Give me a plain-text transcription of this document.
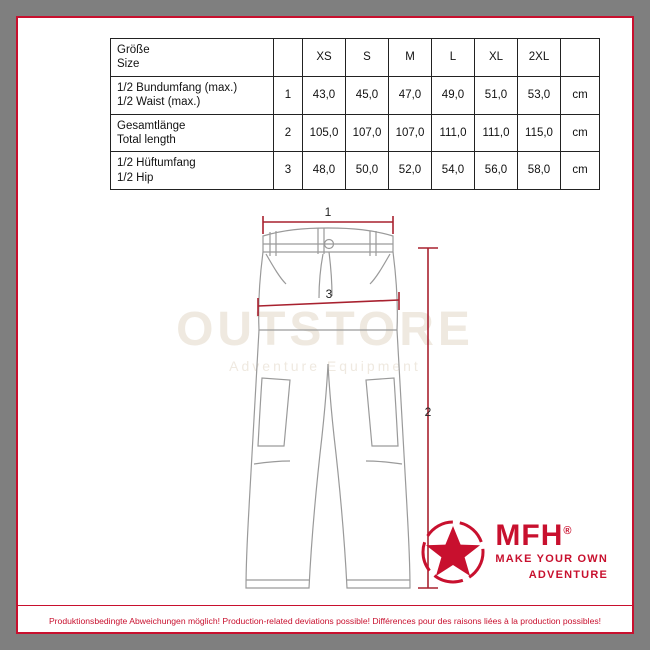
Größe
Size		XS	S	M	L	XL	2XL	
1/2 Bundumfang (max.)
1/2 Waist (max.)	1	43,0	45,0	47,0	49,0	51,0	53,0	cm
Gesamtlänge
Total length	2	105,0	107,0	107,0	111,0	111,0	115,0	cm
1/2 Hüftumfang
1/2 Hip	3	48,0	50,0	52,0	54,0	56,0	58,0	cm
OUTSTORE
Adventure Equipment
1
3
2
MFH®
MAKE YOUR OWN
ADVENTURE
Produktionsbedingte Abweichungen möglich! Production-related deviations possible! Différences pour des raisons liées à la production possibles!
